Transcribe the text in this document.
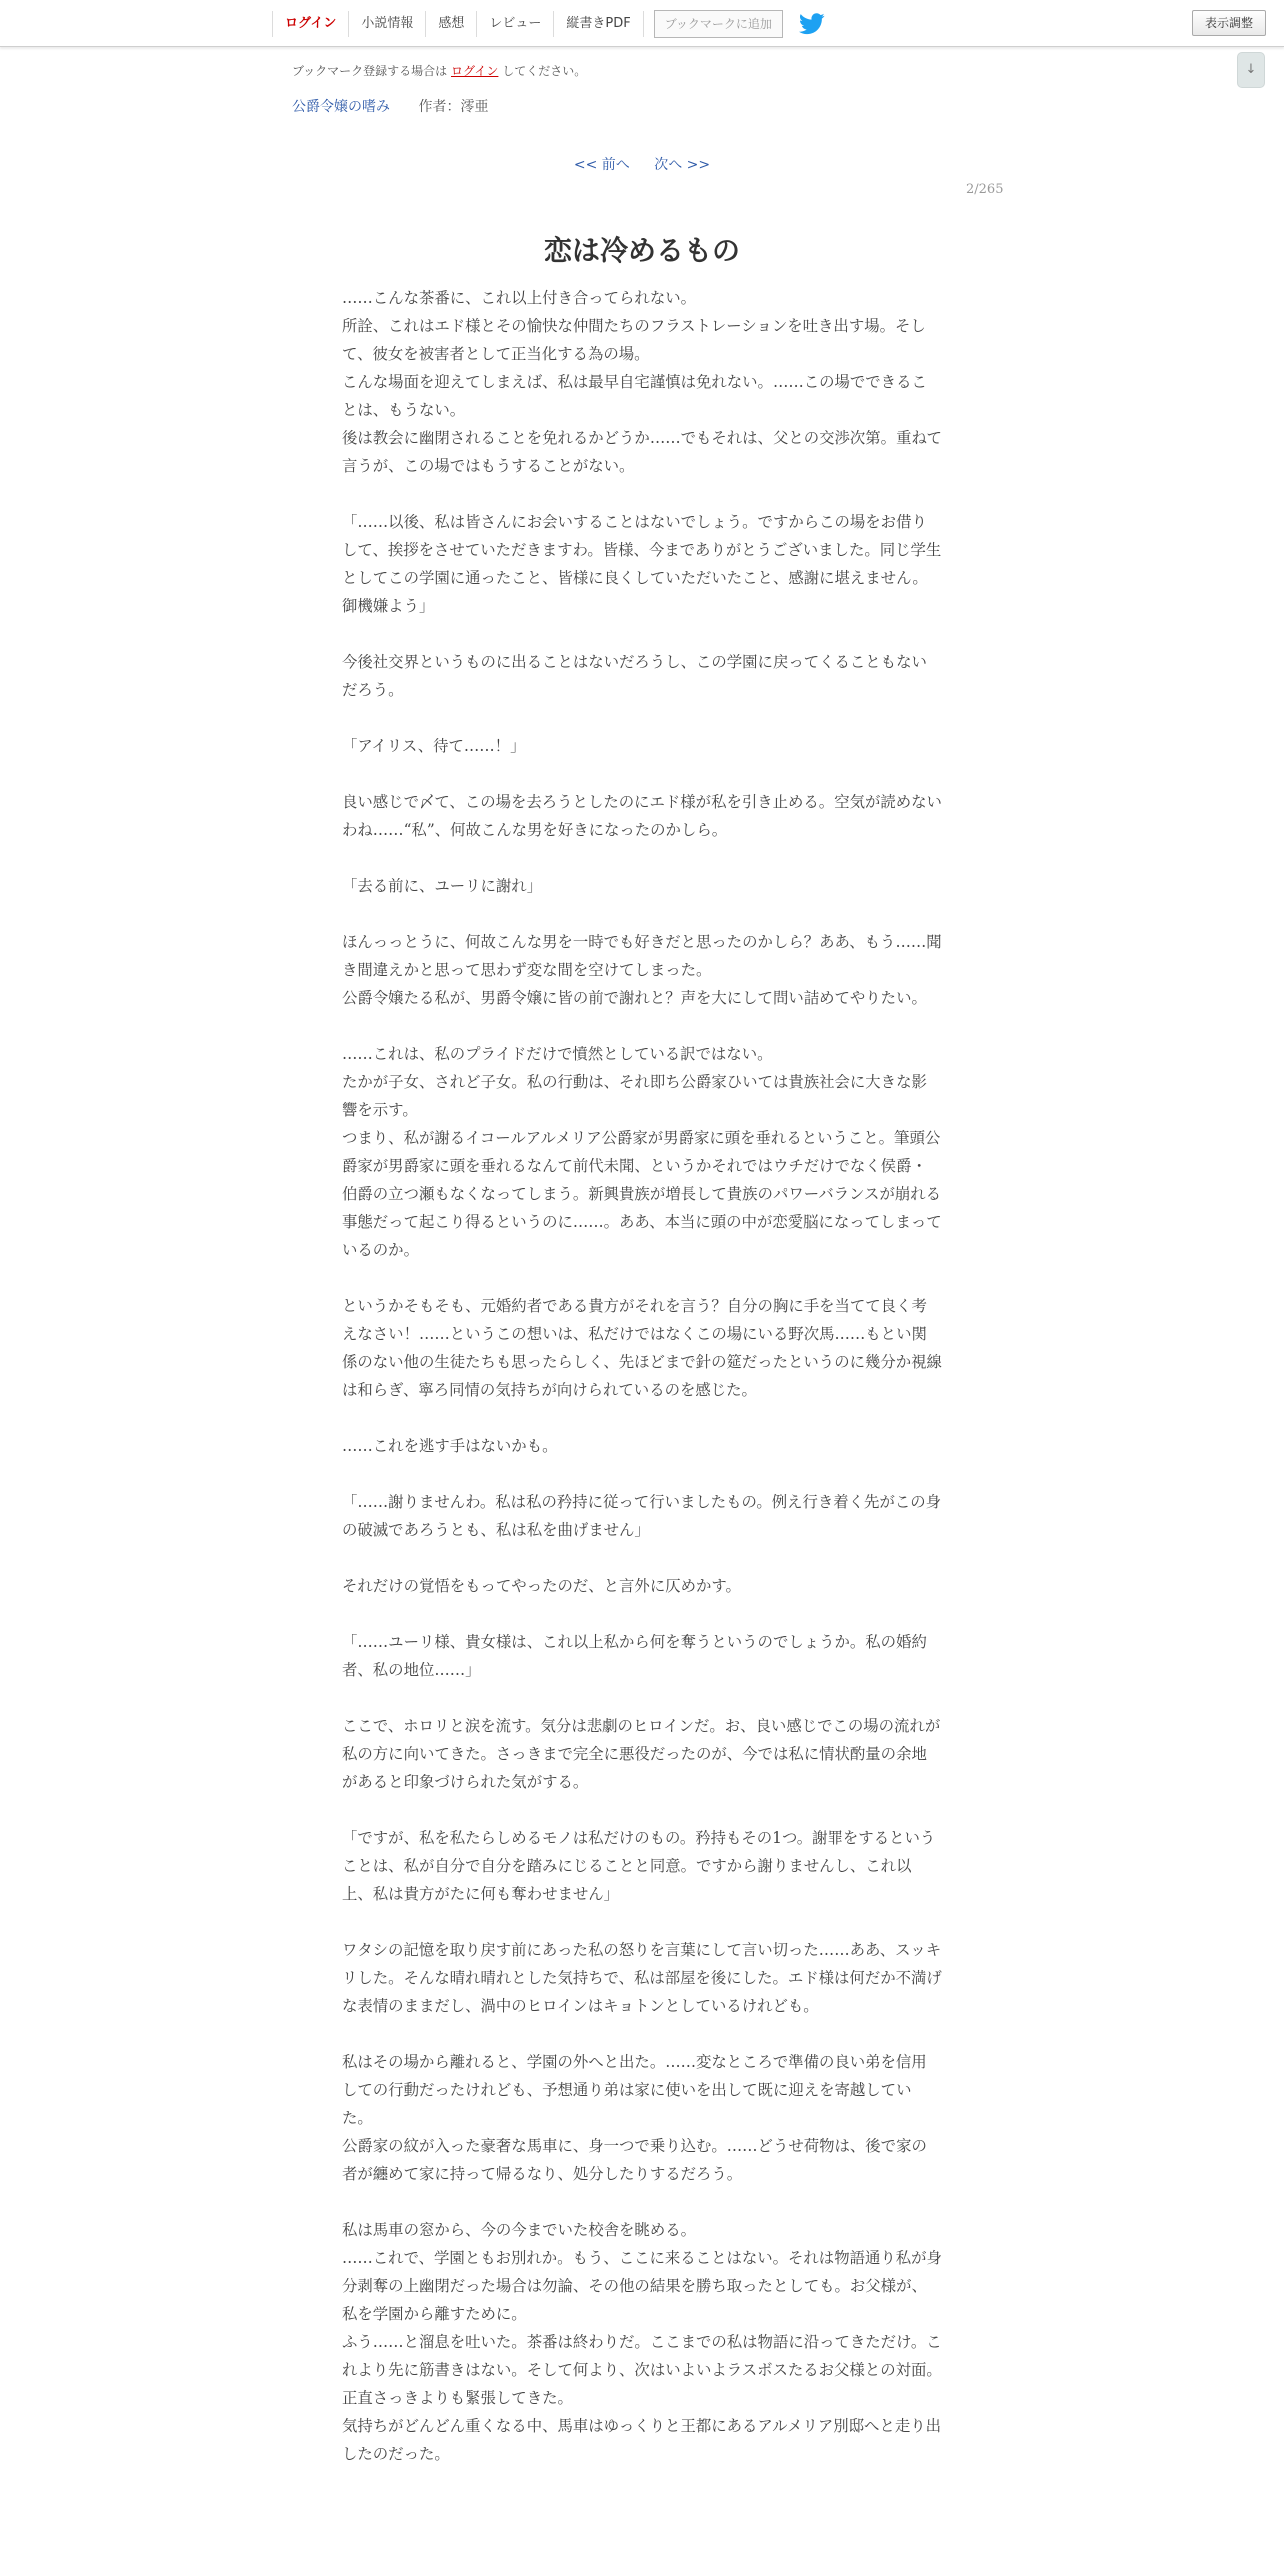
ログイン	小説情報	感想	レビュー	縦書きPDF	ブックマークに追加	表示調整
↓
ブックマーク登録する場合は ログイン してください。
公爵令嬢の嗜み 作者：澪亜
<< 前へ 次へ >>
2/265
恋は冷めるもの

……こんな茶番に、これ以上付き合ってられない。

所詮、これはエド様とその愉快な仲間たちのフラストレーションを吐き出す場。そして、彼女を被害者として正当化する為の場。

こんな場面を迎えてしまえば、私は最早自宅謹慎は免れない。……この場でできることは、もうない。

後は教会に幽閉されることを免れるかどうか……でもそれは、父との交渉次第。重ねて言うが、この場ではもうすることがない。

「……以後、私は皆さんにお会いすることはないでしょう。ですからこの場をお借りして、挨拶をさせていただきますわ。皆様、今までありがとうございました。同じ学生としてこの学園に通ったこと、皆様に良くしていただいたこと、感謝に堪えません。御機嫌よう」

今後社交界というものに出ることはないだろうし、この学園に戻ってくることもないだろう。

「アイリス、待て……！」

良い感じで〆て、この場を去ろうとしたのにエド様が私を引き止める。空気が読めないわね……“私”、何故こんな男を好きになったのかしら。

「去る前に、ユーリに謝れ」

ほんっっとうに、何故こんな男を一時でも好きだと思ったのかしら？ああ、もう……聞き間違えかと思って思わず変な間を空けてしまった。

公爵令嬢たる私が、男爵令嬢に皆の前で謝れと？声を大にして問い詰めてやりたい。

……これは、私のプライドだけで憤然としている訳ではない。

たかが子女、されど子女。私の行動は、それ即ち公爵家ひいては貴族社会に大きな影響を示す。

つまり、私が謝るイコールアルメリア公爵家が男爵家に頭を垂れるということ。筆頭公爵家が男爵家に頭を垂れるなんて前代未聞、というかそれではウチだけでなく侯爵・伯爵の立つ瀬もなくなってしまう。新興貴族が増長して貴族のパワーバランスが崩れる事態だって起こり得るというのに……。ああ、本当に頭の中が恋愛脳になってしまっているのか。

というかそもそも、元婚約者である貴方がそれを言う？自分の胸に手を当てて良く考えなさい！……というこの想いは、私だけではなくこの場にいる野次馬……もとい関係のない他の生徒たちも思ったらしく、先ほどまで針の筵だったというのに幾分か視線は和らぎ、寧ろ同情の気持ちが向けられているのを感じた。

……これを逃す手はないかも。

「……謝りませんわ。私は私の矜持に従って行いましたもの。例え行き着く先がこの身の破滅であろうとも、私は私を曲げません」

それだけの覚悟をもってやったのだ、と言外に仄めかす。

「……ユーリ様、貴女様は、これ以上私から何を奪うというのでしょうか。私の婚約者、私の地位……」

ここで、ホロリと涙を流す。気分は悲劇のヒロインだ。お、良い感じでこの場の流れが私の方に向いてきた。さっきまで完全に悪役だったのが、今では私に情状酌量の余地があると印象づけられた気がする。

「ですが、私を私たらしめるモノは私だけのもの。矜持もその1つ。謝罪をするということは、私が自分で自分を踏みにじることと同意。ですから謝りませんし、これ以上、私は貴方がたに何も奪わせません」

ワタシの記憶を取り戻す前にあった私の怒りを言葉にして言い切った……ああ、スッキリした。そんな晴れ晴れとした気持ちで、私は部屋を後にした。エド様は何だか不満げな表情のままだし、渦中のヒロインはキョトンとしているけれども。

私はその場から離れると、学園の外へと出た。……変なところで準備の良い弟を信用しての行動だったけれども、予想通り弟は家に使いを出して既に迎えを寄越していた。

公爵家の紋が入った豪奢な馬車に、身一つで乗り込む。……どうせ荷物は、後で家の者が纏めて家に持って帰るなり、処分したりするだろう。

私は馬車の窓から、今の今までいた校舎を眺める。

……これで、学園ともお別れか。もう、ここに来ることはない。それは物語通り私が身分剥奪の上幽閉だった場合は勿論、その他の結果を勝ち取ったとしても。お父様が、私を学園から離すために。

ふう……と溜息を吐いた。茶番は終わりだ。ここまでの私は物語に沿ってきただけ。これより先に筋書きはない。そして何より、次はいよいよラスボスたるお父様との対面。正直さっきよりも緊張してきた。

気持ちがどんどん重くなる中、馬車はゆっくりと王都にあるアルメリア別邸へと走り出したのだった。
